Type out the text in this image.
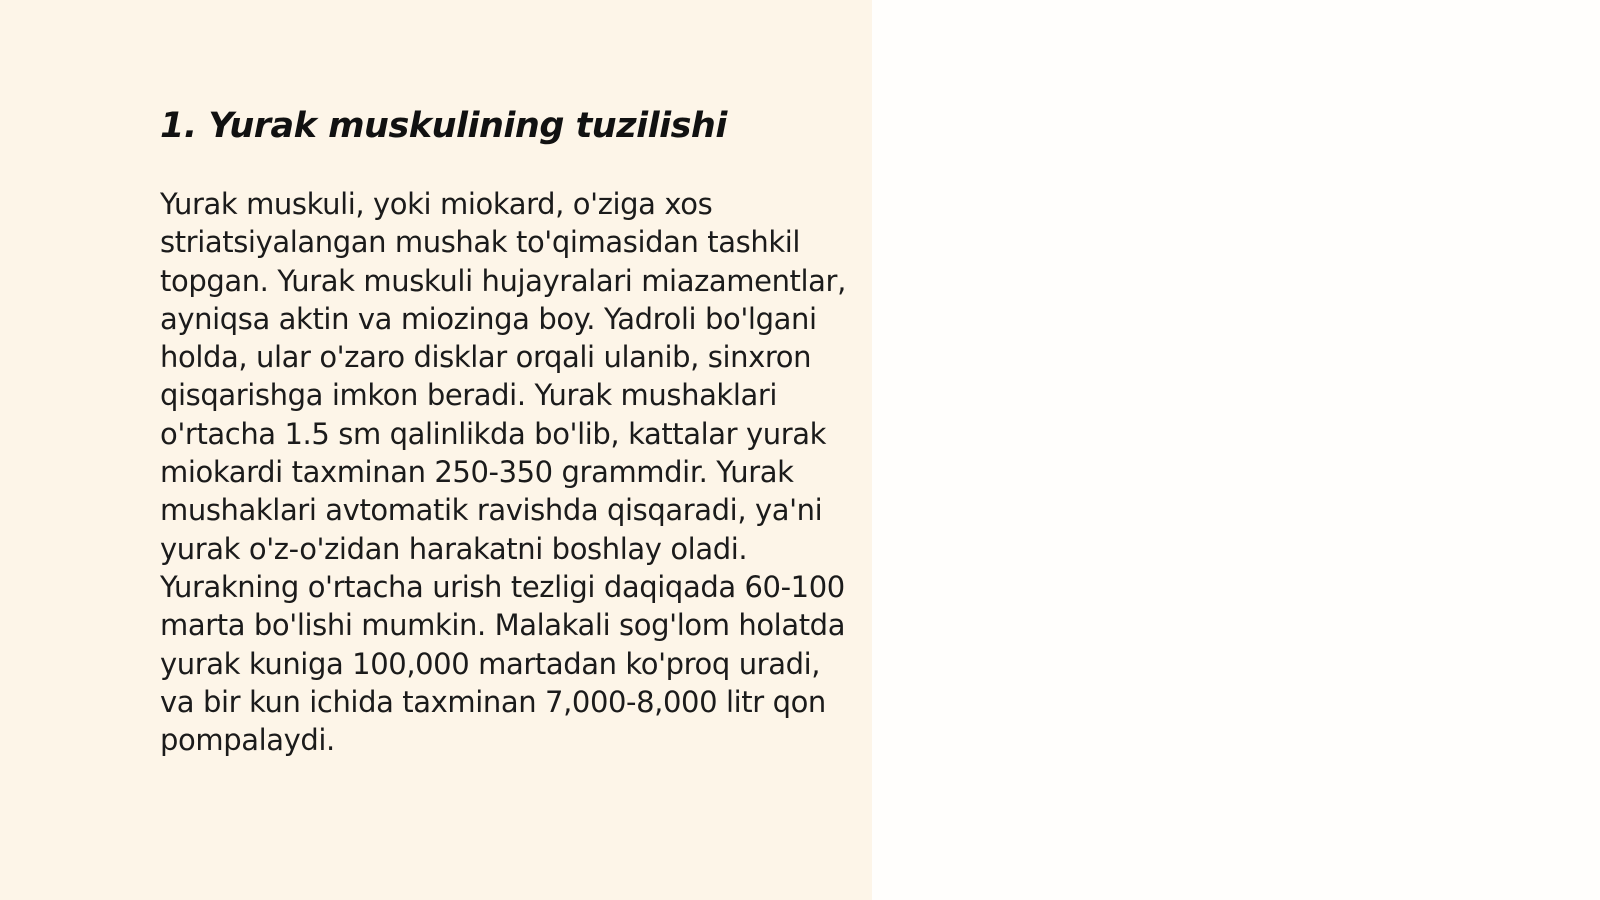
1. Yurak muskulining tuzilishi

Yurak muskuli, yoki miokard, o'ziga xos striatsiyalangan mushak to'qimasidan tashkil topgan. Yurak muskuli hujayralari miazamentlar, ayniqsa aktin va miozinga boy. Yadroli bo'lgani holda, ular o'zaro disklar orqali ulanib, sinxron qisqarishga imkon beradi. Yurak mushaklari o'rtacha 1.5 sm qalinlikda bo'lib, kattalar yurak miokardi taxminan 250-350 grammdir. Yurak mushaklari avtomatik ravishda qisqaradi, ya'ni yurak o'z-o'zidan harakatni boshlay oladi. Yurakning o'rtacha urish tezligi daqiqada 60-100 marta bo'lishi mumkin. Malakali sog'lom holatda yurak kuniga 100,000 martadan ko'proq uradi, va bir kun ichida taxminan 7,000-8,000 litr qon pompalaydi.
